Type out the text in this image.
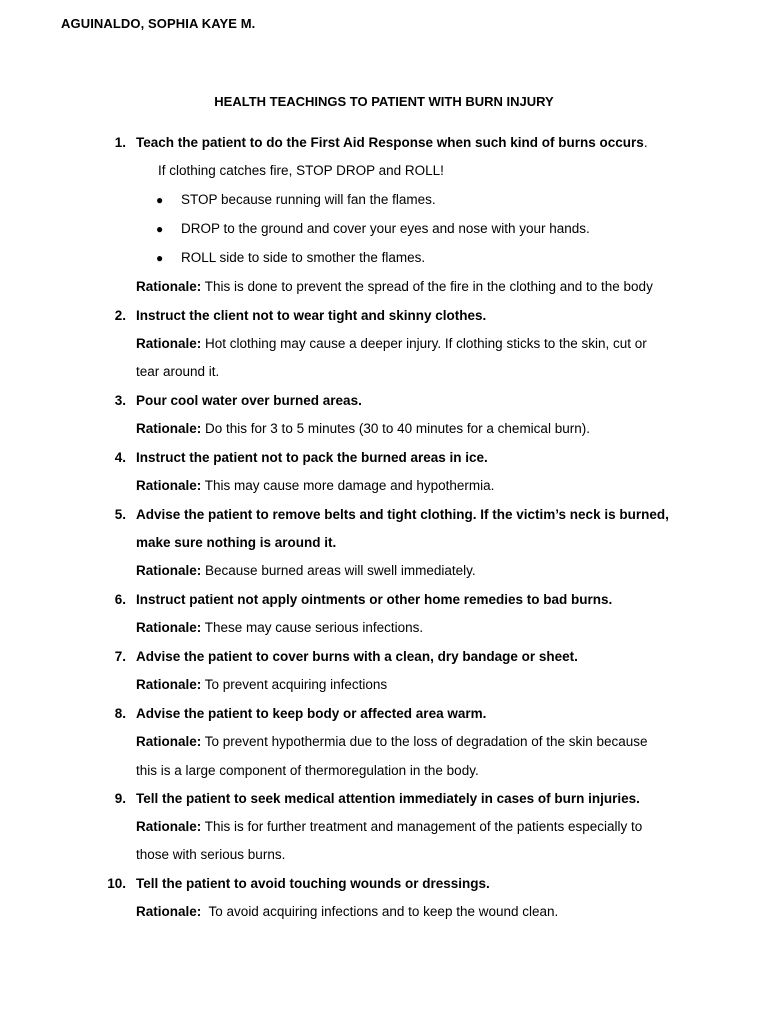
AGUINALDO, SOPHIA KAYE M.
HEALTH TEACHINGS TO PATIENT WITH BURN INJURY
1. Teach the patient to do the First Aid Response when such kind of burns occurs.
If clothing catches fire, STOP DROP and ROLL!
● STOP because running will fan the flames.
● DROP to the ground and cover your eyes and nose with your hands.
● ROLL side to side to smother the flames.
Rationale: This is done to prevent the spread of the fire in the clothing and to the body
2. Instruct the client not to wear tight and skinny clothes.
Rationale: Hot clothing may cause a deeper injury. If clothing sticks to the skin, cut or
tear around it.
3. Pour cool water over burned areas.
Rationale: Do this for 3 to 5 minutes (30 to 40 minutes for a chemical burn).
4. Instruct the patient not to pack the burned areas in ice.
Rationale: This may cause more damage and hypothermia.
5. Advise the patient to remove belts and tight clothing. If the victim’s neck is burned,
make sure nothing is around it.
Rationale: Because burned areas will swell immediately.
6. Instruct patient not apply ointments or other home remedies to bad burns.
Rationale: These may cause serious infections.
7. Advise the patient to cover burns with a clean, dry bandage or sheet.
Rationale: To prevent acquiring infections
8. Advise the patient to keep body or affected area warm.
Rationale: To prevent hypothermia due to the loss of degradation of the skin because
this is a large component of thermoregulation in the body.
9. Tell the patient to seek medical attention immediately in cases of burn injuries.
Rationale: This is for further treatment and management of the patients especially to
those with serious burns.
10. Tell the patient to avoid touching wounds or dressings.
Rationale:  To avoid acquiring infections and to keep the wound clean.
